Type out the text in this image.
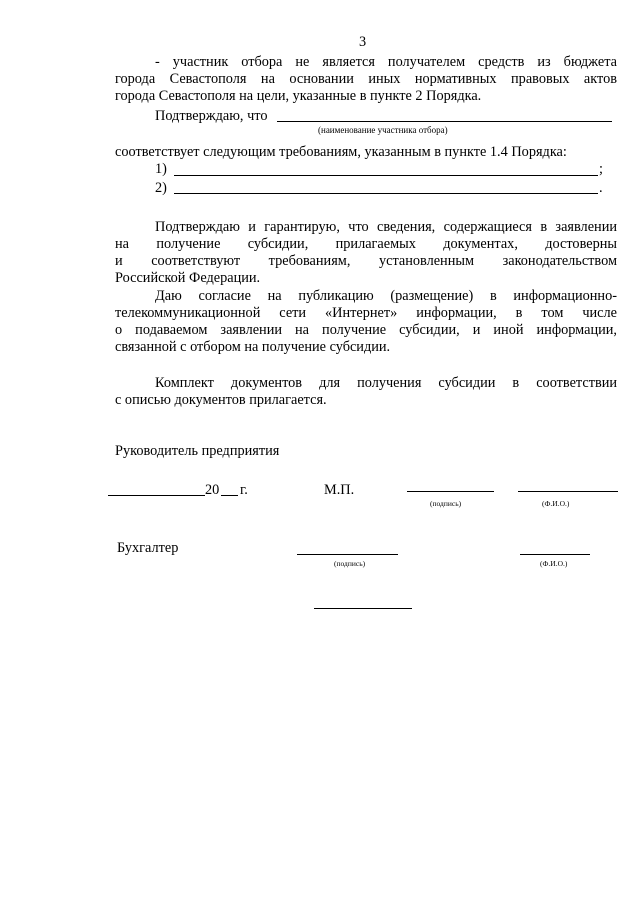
3
- участник отбора не является получателем средств из бюджета
города Севастополя на основании иных нормативных правовых актов
города Севастополя на цели, указанные в пункте 2 Порядка.
Подтверждаю, что
(наименование участника отбора)
соответствует следующим требованиям, указанным в пункте 1.4 Порядка:
1)	;
2)	.
Подтверждаю и гарантирую, что сведения, содержащиеся в заявлении
на получение субсидии, прилагаемых документах, достоверны
и соответствуют требованиям, установленным законодательством
Российской Федерации.
Даю согласие на публикацию (размещение) в информационно-
телекоммуникационной сети «Интернет» информации, в том числе
о подаваемом заявлении на получение субсидии, и иной информации,
связанной с отбором на получение субсидии.
Комплект документов для получения субсидии в соответствии
с описью документов прилагается.
Руководитель предприятия
20 г.	М.П.
(подпись)	(Ф.И.О.)
Бухгалтер
(подпись)	(Ф.И.О.)
